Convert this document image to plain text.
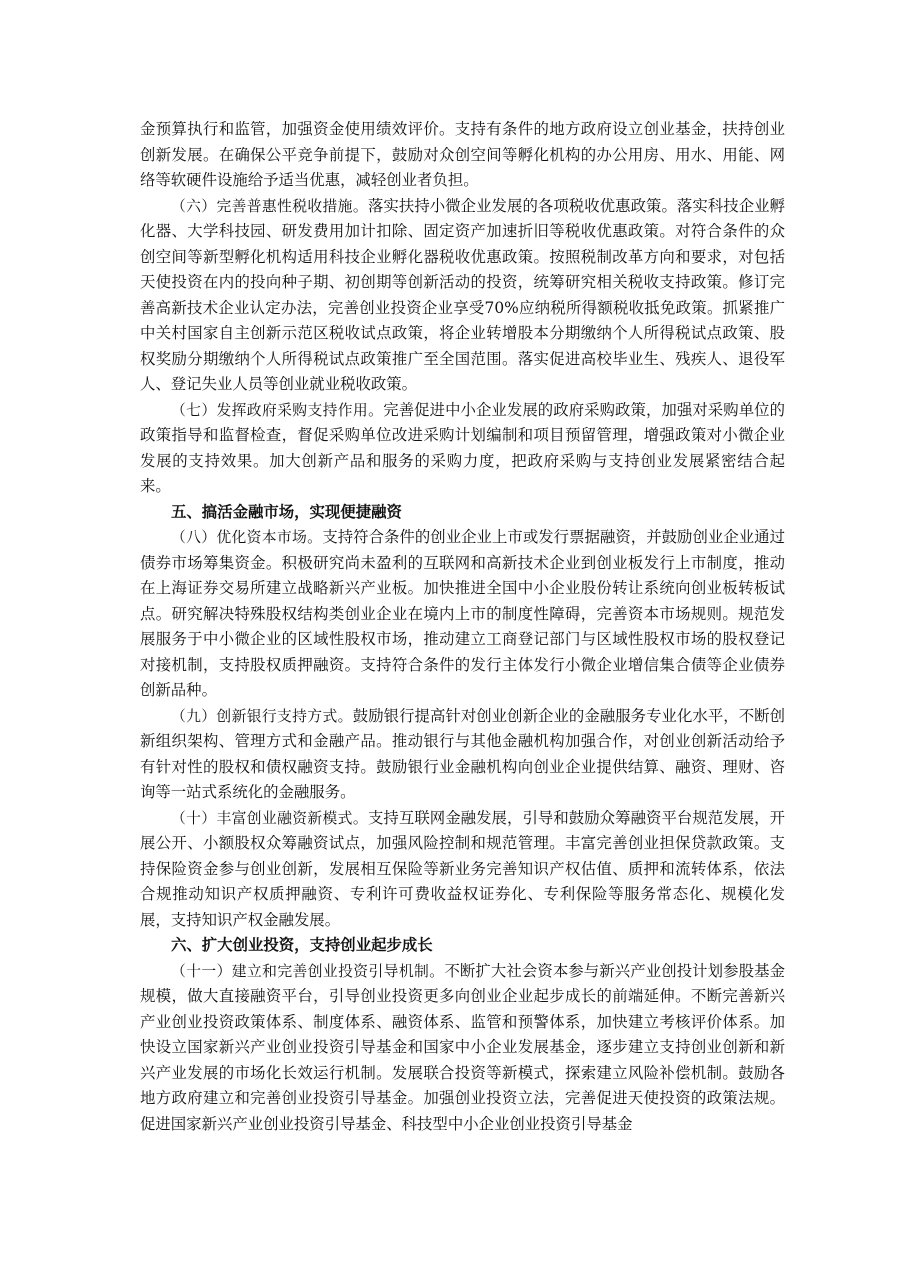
金预算执行和监管，加强资金使用绩效评价。支持有条件的地方政府设立创业基金，扶持创业创新发展。在确保公平竞争前提下，鼓励对众创空间等孵化机构的办公用房、用水、用能、网络等软硬件设施给予适当优惠，减轻创业者负担。

（六）完善普惠性税收措施。落实扶持小微企业发展的各项税收优惠政策。落实科技企业孵化器、大学科技园、研发费用加计扣除、固定资产加速折旧等税收优惠政策。对符合条件的众创空间等新型孵化机构适用科技企业孵化器税收优惠政策。按照税制改革方向和要求，对包括天使投资在内的投向种子期、初创期等创新活动的投资，统筹研究相关税收支持政策。修订完善高新技术企业认定办法，完善创业投资企业享受70%应纳税所得额税收抵免政策。抓紧推广中关村国家自主创新示范区税收试点政策，将企业转增股本分期缴纳个人所得税试点政策、股权奖励分期缴纳个人所得税试点政策推广至全国范围。落实促进高校毕业生、残疾人、退役军人、登记失业人员等创业就业税收政策。

（七）发挥政府采购支持作用。完善促进中小企业发展的政府采购政策，加强对采购单位的政策指导和监督检查，督促采购单位改进采购计划编制和项目预留管理，增强政策对小微企业发展的支持效果。加大创新产品和服务的采购力度，把政府采购与支持创业发展紧密结合起来。

五、搞活金融市场，实现便捷融资

（八）优化资本市场。支持符合条件的创业企业上市或发行票据融资，并鼓励创业企业通过债券市场筹集资金。积极研究尚未盈利的互联网和高新技术企业到创业板发行上市制度，推动在上海证券交易所建立战略新兴产业板。加快推进全国中小企业股份转让系统向创业板转板试点。研究解决特殊股权结构类创业企业在境内上市的制度性障碍，完善资本市场规则。规范发展服务于中小微企业的区域性股权市场，推动建立工商登记部门与区域性股权市场的股权登记对接机制，支持股权质押融资。支持符合条件的发行主体发行小微企业增信集合债等企业债券创新品种。

（九）创新银行支持方式。鼓励银行提高针对创业创新企业的金融服务专业化水平，不断创新组织架构、管理方式和金融产品。推动银行与其他金融机构加强合作，对创业创新活动给予有针对性的股权和债权融资支持。鼓励银行业金融机构向创业企业提供结算、融资、理财、咨询等一站式系统化的金融服务。

（十）丰富创业融资新模式。支持互联网金融发展，引导和鼓励众筹融资平台规范发展，开展公开、小额股权众筹融资试点，加强风险控制和规范管理。丰富完善创业担保贷款政策。支持保险资金参与创业创新，发展相互保险等新业务完善知识产权估值、质押和流转体系，依法合规推动知识产权质押融资、专利许可费收益权证券化、专利保险等服务常态化、规模化发展，支持知识产权金融发展。

六、扩大创业投资，支持创业起步成长

（十一）建立和完善创业投资引导机制。不断扩大社会资本参与新兴产业创投计划参股基金规模，做大直接融资平台，引导创业投资更多向创业企业起步成长的前端延伸。不断完善新兴产业创业投资政策体系、制度体系、融资体系、监管和预警体系，加快建立考核评价体系。加快设立国家新兴产业创业投资引导基金和国家中小企业发展基金，逐步建立支持创业创新和新兴产业发展的市场化长效运行机制。发展联合投资等新模式，探索建立风险补偿机制。鼓励各地方政府建立和完善创业投资引导基金。加强创业投资立法，完善促进天使投资的政策法规。促进国家新兴产业创业投资引导基金、科技型中小企业创业投资引导基金
